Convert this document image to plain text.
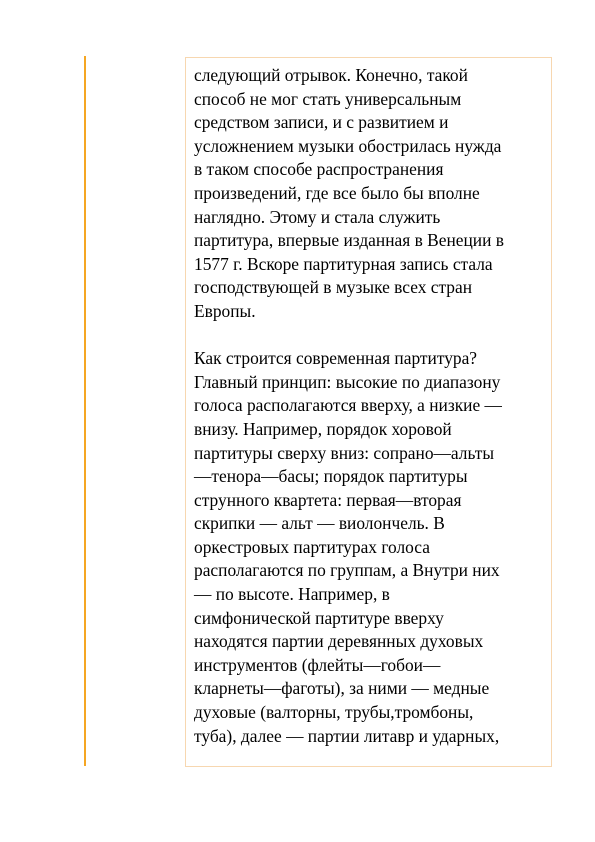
следующий отрывок. Конечно, такой
способ не мог стать универсальным
средством записи, и с развитием и
усложнением музыки обострилась нужда
в таком способе распространения
произведений, где все было бы вполне
наглядно. Этому и стала служить
партитура, впервые изданная в Венеции в
1577 г. Вскоре партитурная запись стала
господствующей в музыке всех стран
Европы.

Как строится современная партитура?
Главный принцип: высокие по диапазону
голоса располагаются вверху, а низкие —
внизу. Например, порядок хоровой
партитуры сверху вниз: сопрано—альты
—тенора—басы; порядок партитуры
струнного квартета: первая—вторая
скрипки — альт — виолончель. В
оркестровых партитурах голоса
располагаются по группам, а Внутри них
— по высоте. Например, в
симфонической партитуре вверху
находятся партии деревянных духовых
инструментов (флейты—гобои—
кларнеты—фаготы), за ними — медные
духовые (валторны, трубы,тромбоны,
туба), далее — партии литавр и ударных,
